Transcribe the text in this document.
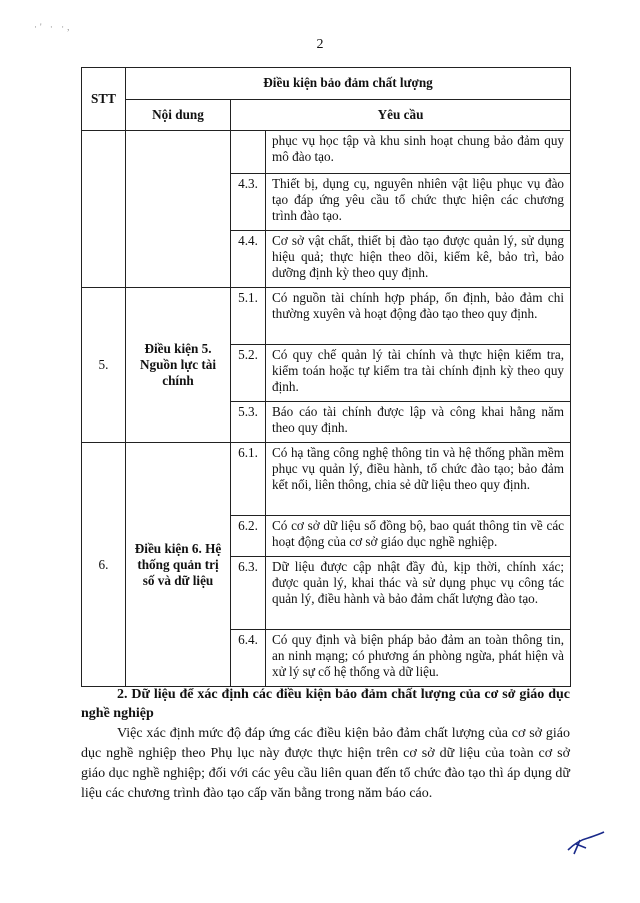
·' · ·,
2
STT	Điều kiện bảo đảm chất lượng		
	Nội dung	Yêu cầu	
			phục vụ học tập và khu sinh hoạt chung bảo đảm quy mô đào tạo.
		4.3.	Thiết bị, dụng cụ, nguyên nhiên vật liệu phục vụ đào tạo đáp ứng yêu cầu tổ chức thực hiện các chương trình đào tạo.
		4.4.	Cơ sở vật chất, thiết bị đào tạo được quản lý, sử dụng hiệu quả; thực hiện theo dõi, kiểm kê, bảo trì, bảo dưỡng định kỳ theo quy định.
5.	Điều kiện 5. Nguồn lực tài chính	5.1.	Có nguồn tài chính hợp pháp, ổn định, bảo đảm chi thường xuyên và hoạt động đào tạo theo quy định.
		5.2.	Có quy chế quản lý tài chính và thực hiện kiểm tra, kiểm toán hoặc tự kiểm tra tài chính định kỳ theo quy định.
		5.3.	Báo cáo tài chính được lập và công khai hằng năm theo quy định.
6.	Điều kiện 6. Hệ thống quản trị số và dữ liệu	6.1.	Có hạ tầng công nghệ thông tin và hệ thống phần mềm phục vụ quản lý, điều hành, tổ chức đào tạo; bảo đảm kết nối, liên thông, chia sẻ dữ liệu theo quy định.
		6.2.	Có cơ sở dữ liệu số đồng bộ, bao quát thông tin về các hoạt động của cơ sở giáo dục nghề nghiệp.
		6.3.	Dữ liệu được cập nhật đầy đủ, kịp thời, chính xác; được quản lý, khai thác và sử dụng phục vụ công tác quản lý, điều hành và bảo đảm chất lượng đào tạo.
		6.4.	Có quy định và biện pháp bảo đảm an toàn thông tin, an ninh mạng; có phương án phòng ngừa, phát hiện và xử lý sự cố hệ thống và dữ liệu.
2. Dữ liệu để xác định các điều kiện bảo đảm chất lượng của cơ sở giáo dục nghề nghiệp
Việc xác định mức độ đáp ứng các điều kiện bảo đảm chất lượng của cơ sở giáo dục nghề nghiệp theo Phụ lục này được thực hiện trên cơ sở dữ liệu của toàn cơ sở giáo dục nghề nghiệp; đối với các yêu cầu liên quan đến tổ chức đào tạo thì áp dụng dữ liệu các chương trình đào tạo cấp văn bằng trong năm báo cáo.
